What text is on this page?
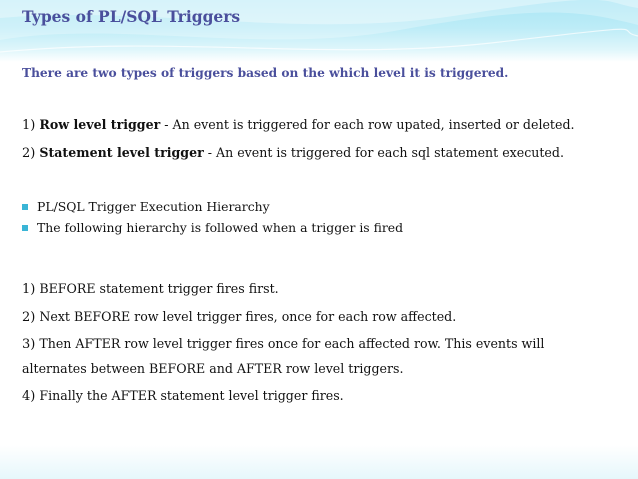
Types of PL/SQL Triggers
There are two types of triggers based on the which level it is triggered.
1) Row level trigger - An event is triggered for each row upated, inserted or deleted.
2) Statement level trigger - An event is triggered for each sql statement executed.
PL/SQL Trigger Execution Hierarchy
The following hierarchy is followed when a trigger is fired
1) BEFORE statement trigger fires first.
2) Next BEFORE row level trigger fires, once for each row affected.
3) Then AFTER row level trigger fires once for each affected row. This events will
alternates between BEFORE and AFTER row level triggers.
4) Finally the AFTER statement level trigger fires.
